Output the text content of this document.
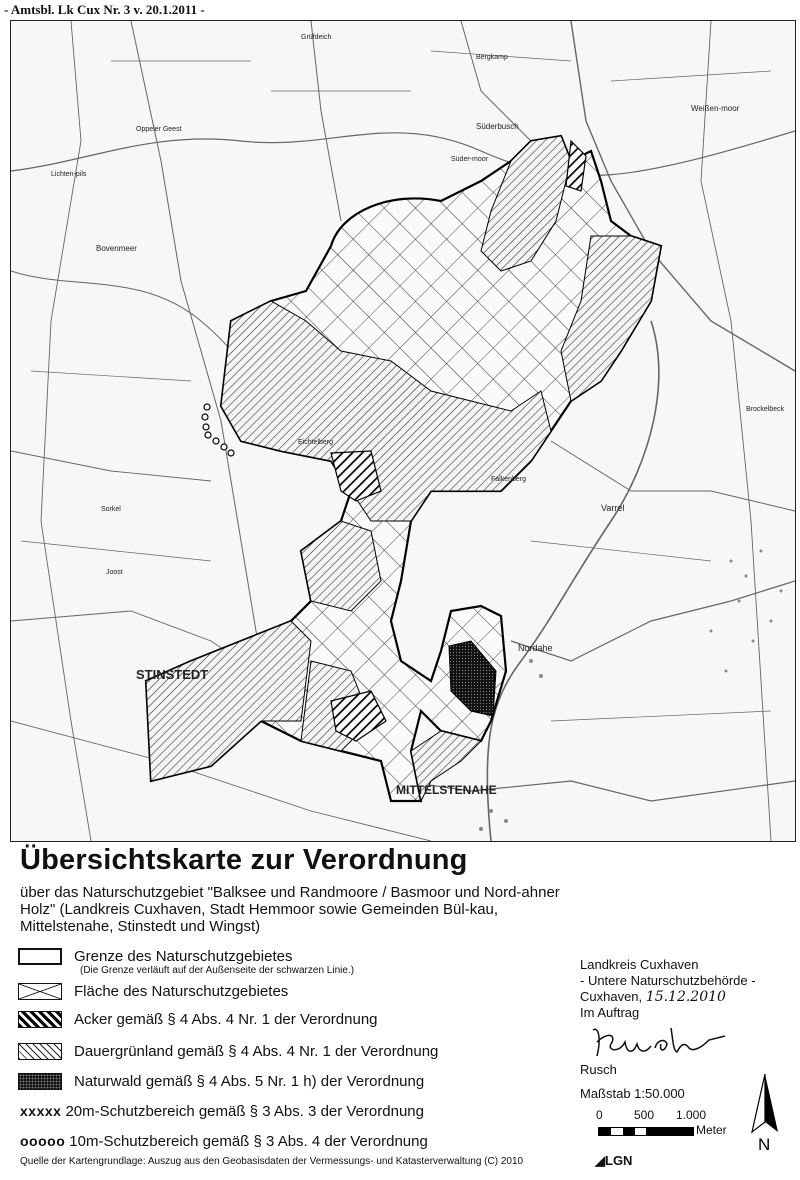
- Amtsbl. Lk Cux Nr. 3 v. 20.1.2011 -
STINSTEDT
MITTELSTENAHE
Nordahe
Varrel
Bovenmeer
Lichten-pils
Süderbusch
Weißen-moor
Grüfdeich
Bergkamp
Brockelbeck
Eichtelberg
Falkenberg
Sorkel
Joost
Süder-moor
Oppeler Geest
Übersichtskarte zur Verordnung
über das Naturschutzgebiet "Balksee und Randmoore / Basmoor und Nord-ahner Holz" (Landkreis Cuxhaven, Stadt Hemmoor sowie Gemeinden Bül-kau, Mittelstenahe, Stinstedt und Wingst)
Grenze des Naturschutzgebietes
(Die Grenze verläuft auf der Außenseite der schwarzen Linie.)
Fläche des Naturschutzgebietes
Acker gemäß § 4 Abs. 4 Nr. 1 der Verordnung
Dauergrünland gemäß § 4 Abs. 4 Nr. 1 der Verordnung
Naturwald gemäß § 4 Abs. 5 Nr. 1 h) der Verordnung
xxxxx 20m-Schutzbereich gemäß § 3 Abs. 3 der Verordnung
ooooo 10m-Schutzbereich gemäß § 3 Abs. 4 der Verordnung
Landkreis Cuxhaven
- Untere Naturschutzbehörde -
Cuxhaven, 15.12.2010
Im Auftrag
Rusch
Maßstab 1:50.000
0	500 1.000
Meter
N
Quelle der Kartengrundlage: Auszug aus den Geobasisdaten der Vermessungs- und Katasterverwaltung (C) 2010	◢LGN
